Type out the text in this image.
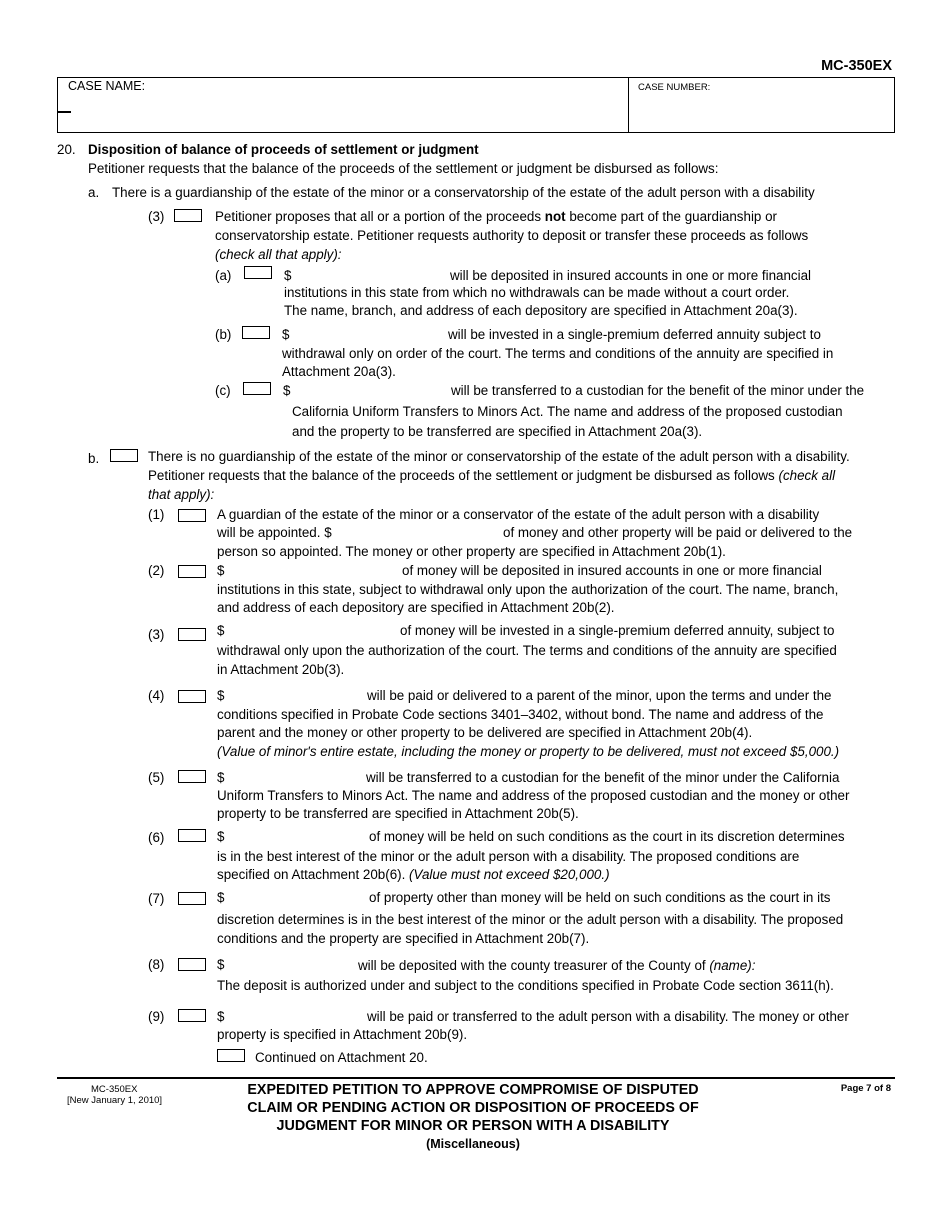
MC-350EX
CASE NAME:	CASE NUMBER:
20. Disposition of balance of proceeds of settlement or judgment
Petitioner requests that the balance of the proceeds of the settlement or judgment be disbursed as follows:
a. There is a guardianship of the estate of the minor or a conservatorship of the estate of the adult person with a disability
(3)	Petitioner proposes that all or a portion of the proceeds not become part of the guardianship or
conservatorship estate. Petitioner requests authority to deposit or transfer these proceeds as follows
(check all that apply):
(a)	$	will be deposited in insured accounts in one or more financial
institutions in this state from which no withdrawals can be made without a court order.
The name, branch, and address of each depository are specified in Attachment 20a(3).
(b)	$	will be invested in a single-premium deferred annuity subject to
withdrawal only on order of the court. The terms and conditions of the annuity are specified in
Attachment 20a(3).
(c)	$	will be transferred to a custodian for the benefit of the minor under the
California Uniform Transfers to Minors Act. The name and address of the proposed custodian
and the property to be transferred are specified in Attachment 20a(3).
b.	There is no guardianship of the estate of the minor or conservatorship of the estate of the adult person with a disability.
Petitioner requests that the balance of the proceeds of the settlement or judgment be disbursed as follows (check all
that apply):
(1)	A guardian of the estate of the minor or a conservator of the estate of the adult person with a disability
will be appointed. $	of money and other property will be paid or delivered to the
person so appointed. The money or other property are specified in Attachment 20b(1).
(2)	$	of money will be deposited in insured accounts in one or more financial
institutions in this state, subject to withdrawal only upon the authorization of the court. The name, branch,
and address of each depository are specified in Attachment 20b(2).
(3)	$	of money will be invested in a single-premium deferred annuity, subject to
withdrawal only upon the authorization of the court. The terms and conditions of the annuity are specified
in Attachment 20b(3).
(4)	$	will be paid or delivered to a parent of the minor, upon the terms and under the
conditions specified in Probate Code sections 3401–3402, without bond. The name and address of the
parent and the money or other property to be delivered are specified in Attachment 20b(4).
(Value of minor's entire estate, including the money or property to be delivered, must not exceed $5,000.)
(5)	$	will be transferred to a custodian for the benefit of the minor under the California
Uniform Transfers to Minors Act. The name and address of the proposed custodian and the money or other
property to be transferred are specified in Attachment 20b(5).
(6)	$	of money will be held on such conditions as the court in its discretion determines
is in the best interest of the minor or the adult person with a disability. The proposed conditions are
specified on Attachment 20b(6). (Value must not exceed $20,000.)
(7)	$	of property other than money will be held on such conditions as the court in its
discretion determines is in the best interest of the minor or the adult person with a disability. The proposed
conditions and the property are specified in Attachment 20b(7).
(8)	$	will be deposited with the county treasurer of the County of (name):
The deposit is authorized under and subject to the conditions specified in Probate Code section 3611(h).
(9)	$	will be paid or transferred to the adult person with a disability. The money or other
property is specified in Attachment 20b(9).
Continued on Attachment 20.
MC-350EX
[New January 1, 2010]
EXPEDITED PETITION TO APPROVE COMPROMISE OF DISPUTED
CLAIM OR PENDING ACTION OR DISPOSITION OF PROCEEDS OF
JUDGMENT FOR MINOR OR PERSON WITH A DISABILITY
(Miscellaneous)
Page 7 of 8
